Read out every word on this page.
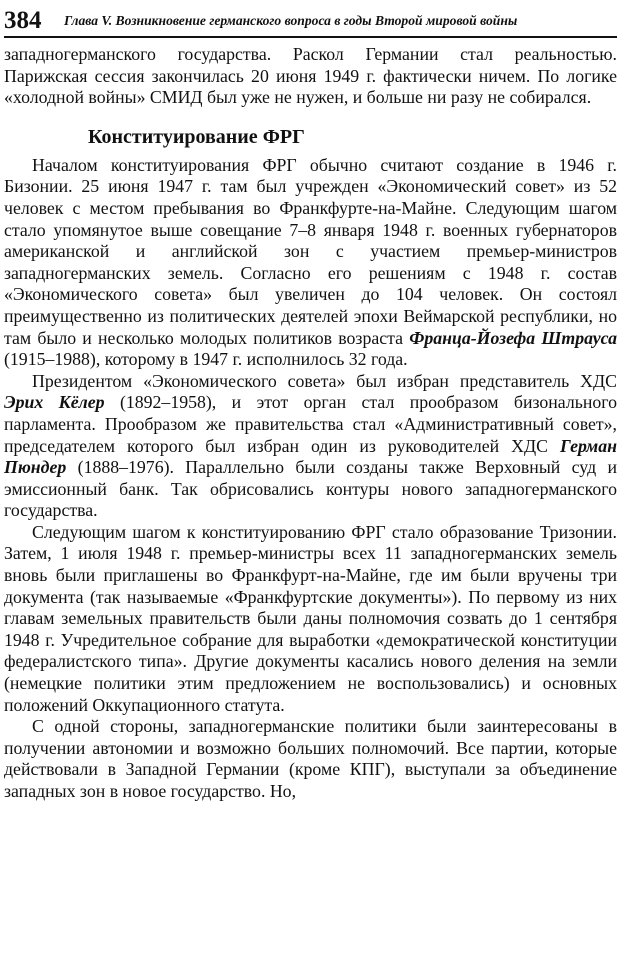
384 Глава V. Возникновение германского вопроса в годы Второй мировой войны

западногерманского государства. Раскол Германии стал реальностью. Парижская сессия закончилась 20 июня 1949 г. фактически ничем. По логике «холодной войны» СМИД был уже не нужен, и больше ни разу не собирался.

Конституирование ФРГ

Началом конституирования ФРГ обычно считают создание в 1946 г. Бизонии. 25 июня 1947 г. там был учрежден «Экономический совет» из 52 человек с местом пребывания во Франкфурте-на-Майне. Следующим шагом стало упомянутое выше совещание 7–8 января 1948 г. военных губернаторов американской и английской зон с участием премьер-министров западногерманских земель. Согласно его решениям с 1948 г. состав «Экономического совета» был увеличен до 104 человек. Он состоял преимущественно из политических деятелей эпохи Веймарской республики, но там было и несколько молодых политиков возраста Франца-Йозефа Штрауса (1915–1988), которому в 1947 г. исполнилось 32 года.

Президентом «Экономического совета» был избран представитель ХДС Эрих Кёлер (1892–1958), и этот орган стал прообразом бизонального парламента. Прообразом же правительства стал «Административный совет», председателем которого был избран один из руководителей ХДС Герман Пюндер (1888–1976). Параллельно были созданы также Верховный суд и эмиссионный банк. Так обрисовались контуры нового западногерманского государства.

Следующим шагом к конституированию ФРГ стало образование Тризонии. Затем, 1 июля 1948 г. премьер-министры всех 11 западногерманских земель вновь были приглашены во Франкфурт-на-Майне, где им были вручены три документа (так называемые «Франкфуртские документы»). По первому из них главам земельных правительств были даны полномочия созвать до 1 сентября 1948 г. Учредительное собрание для выработки «демократической конституции федералистского типа». Другие документы касались нового деления на земли (немецкие политики этим предложением не воспользовались) и основных положений Оккупационного статута.

С одной стороны, западногерманские политики были заинтересованы в получении автономии и возможно больших полномочий. Все партии, которые действовали в Западной Германии (кроме КПГ), выступали за объединение западных зон в новое государство. Но,
